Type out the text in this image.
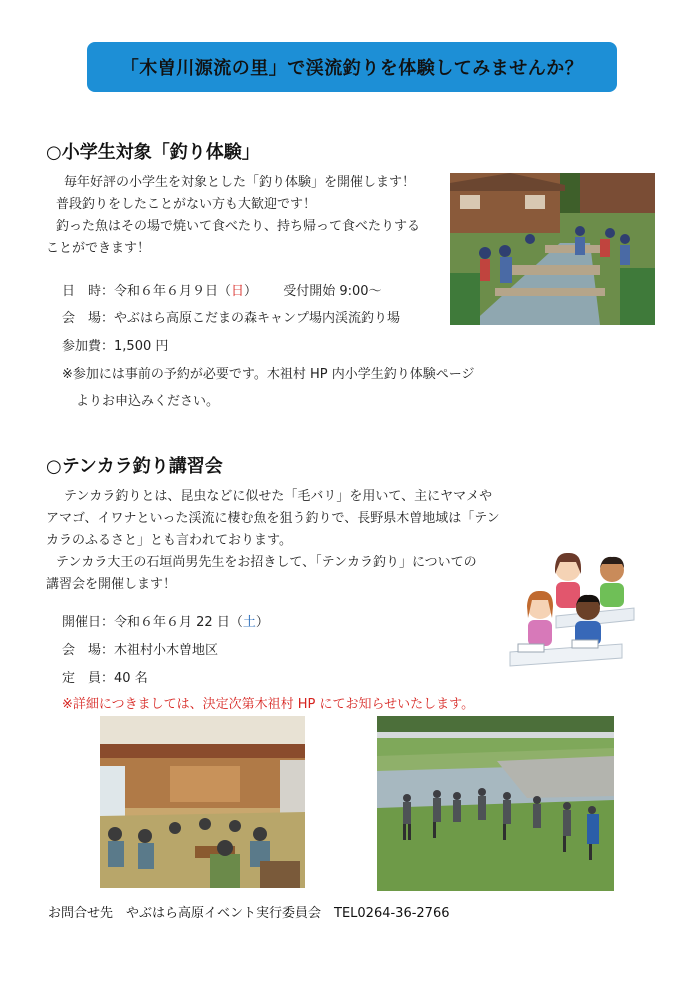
「木曽川源流の里」で渓流釣りを体験してみませんか？
○小学生対象「釣り体験」
毎年好評の小学生を対象とした「釣り体験」を開催します！
普段釣りをしたことがない方も大歓迎です！
釣った魚はその場で焼いて食べたり、持ち帰って食べたりする
ことができます！
日　時：令和６年６月９日（日） 受付開始 9:00～
会　場：やぶはら高原こだまの森キャンプ場内渓流釣り場
参加費：1,500 円
※参加には事前の予約が必要です。木祖村 HP 内小学生釣り体験ページ
よりお申込みください。
○テンカラ釣り講習会
テンカラ釣りとは、昆虫などに似せた「毛バリ」を用いて、主にヤマメや
アマゴ、イワナといった渓流に棲む魚を狙う釣りで、長野県木曽地域は「テン
カラのふるさと」とも言われております。
テンカラ大王の石垣尚男先生をお招きして、「テンカラ釣り」についての
講習会を開催します！
開催日：令和６年６月 22 日（土）
会　場：木祖村小木曽地区
定　員：40 名
※詳細につきましては、決定次第木祖村 HP にてお知らせいたします。
お問合せ先　やぶはら高原イベント実行委員会　TEL0264-36-2766
